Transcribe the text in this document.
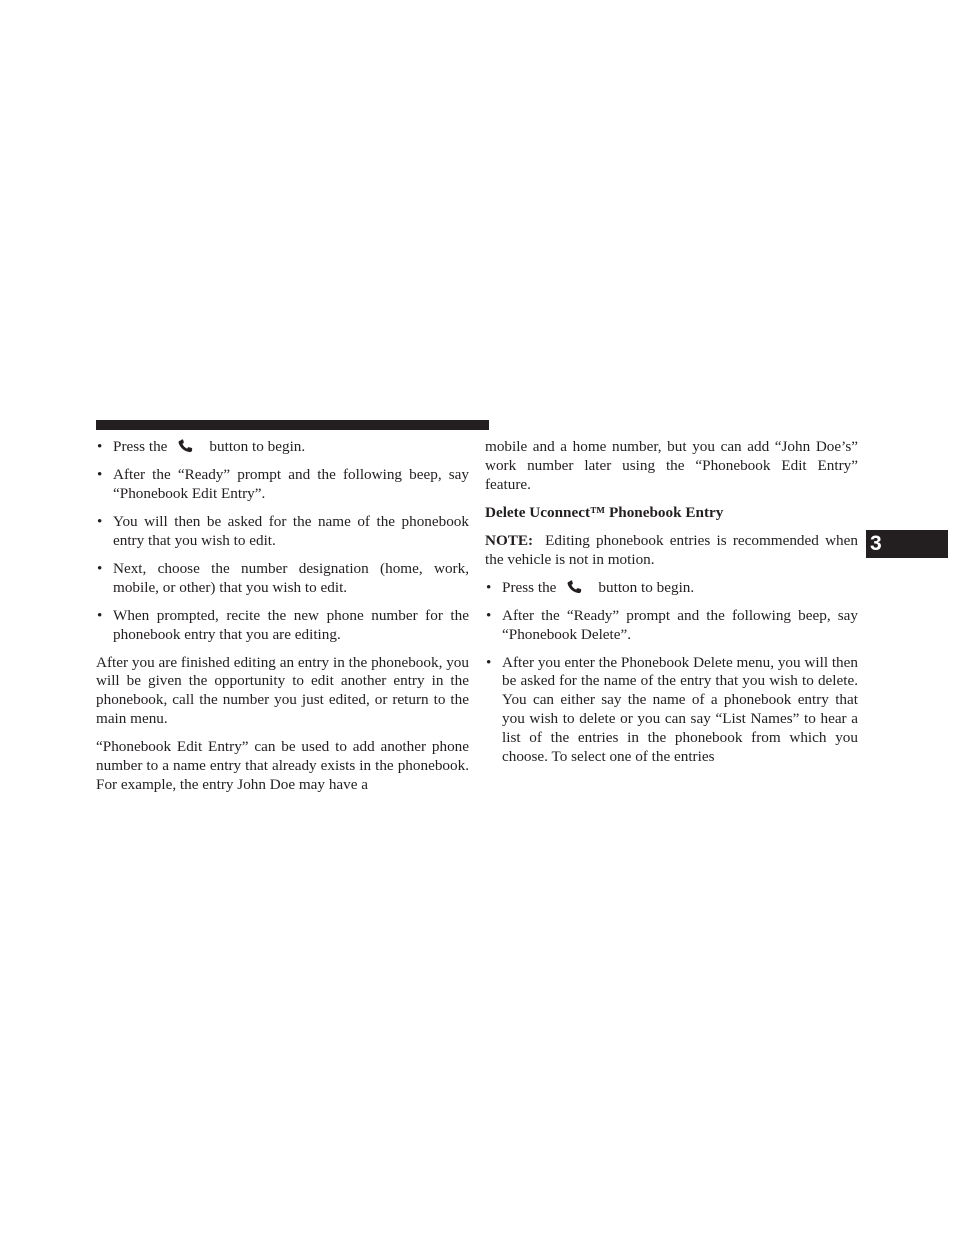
• Press the	button to begin.
• After the “Ready” prompt and the following beep, say “Phonebook Edit Entry”.
• You will then be asked for the name of the phonebook entry that you wish to edit.
• Next, choose the number designation (home, work, mobile, or other) that you wish to edit.
• When prompted, recite the new phone number for the phonebook entry that you are editing.

After you are finished editing an entry in the phonebook, you will be given the opportunity to edit another entry in the phonebook, call the number you just edited, or return to the main menu.

“Phonebook Edit Entry” can be used to add another phone number to a name entry that already exists in the phonebook. For example, the entry John Doe may have a

mobile and a home number, but you can add “John Doe’s” work number later using the “Phonebook Edit Entry” feature.

Delete Uconnect™ Phonebook Entry

NOTE: Editing phonebook entries is recommended when the vehicle is not in motion.

• Press the	button to begin.
• After the “Ready” prompt and the following beep, say “Phonebook Delete”.
• After you enter the Phonebook Delete menu, you will then be asked for the name of the entry that you wish to delete. You can either say the name of a phonebook entry that you wish to delete or you can say “List Names” to hear a list of the entries in the phonebook from which you choose. To select one of the entries
3
